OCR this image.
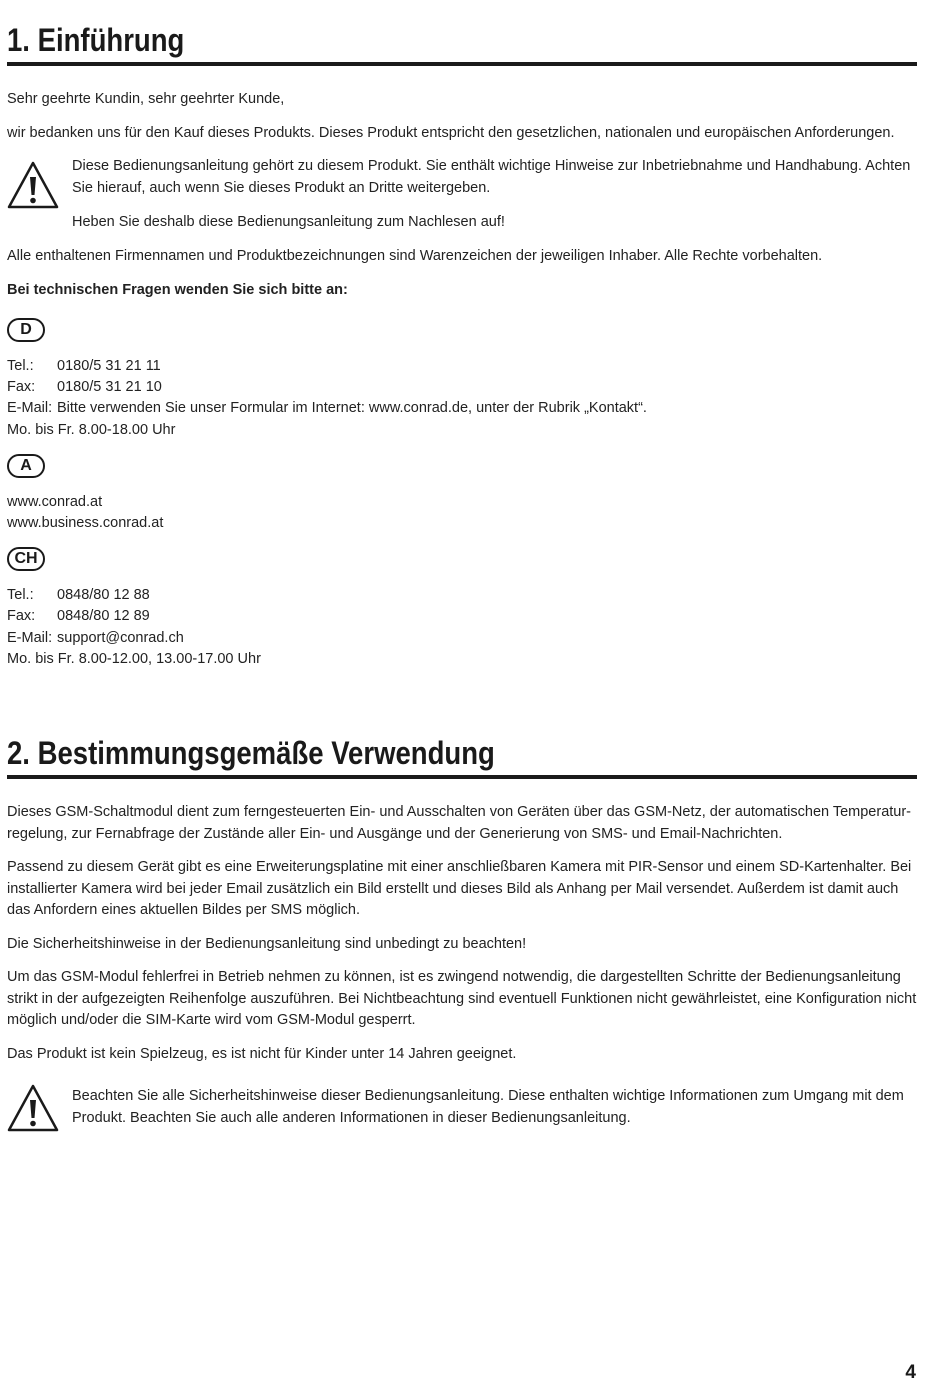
1. Einführung

Sehr geehrte Kundin, sehr geehrter Kunde,

wir bedanken uns für den Kauf dieses Produkts. Dieses Produkt entspricht den gesetzlichen, nationalen und europäischen Anforderungen.

Diese Bedienungsanleitung gehört zu diesem Produkt. Sie enthält wichtige Hinweise zur Inbetriebnahme und Handhabung. Achten Sie hierauf, auch wenn Sie dieses Produkt an Dritte weitergeben.

Heben Sie deshalb diese Bedienungsanleitung zum Nachlesen auf!

Alle enthaltenen Firmennamen und Produktbezeichnungen sind Warenzeichen der jeweiligen Inhaber. Alle Rechte vorbehalten.

Bei technischen Fragen wenden Sie sich bitte an:

D
Tel.: 0180/5 31 21 11
Fax: 0180/5 31 21 10
E-Mail: Bitte verwenden Sie unser Formular im Internet: www.conrad.de, unter der Rubrik „Kontakt“.
Mo. bis Fr. 8.00-18.00 Uhr
A
www.conrad.at
www.business.conrad.at
CH
Tel.: 0848/80 12 88
Fax: 0848/80 12 89
E-Mail: support@conrad.ch
Mo. bis Fr. 8.00-12.00, 13.00-17.00 Uhr
2. Bestimmungsgemäße Verwendung

Dieses GSM-Schaltmodul dient zum ferngesteuerten Ein- und Ausschalten von Geräten über das GSM-Netz, der automatischen Temperatur-regelung, zur Fernabfrage der Zustände aller Ein- und Ausgänge und der Generierung von SMS- und Email-Nachrichten.

Passend zu diesem Gerät gibt es eine Erweiterungsplatine mit einer anschließbaren Kamera mit PIR-Sensor und einem SD-Kartenhalter. Bei installierter Kamera wird bei jeder Email zusätzlich ein Bild erstellt und dieses Bild als Anhang per Mail versendet. Außerdem ist damit auch das Anfordern eines aktuellen Bildes per SMS möglich.

Die Sicherheitshinweise in der Bedienungsanleitung sind unbedingt zu beachten!

Um das GSM-Modul fehlerfrei in Betrieb nehmen zu können, ist es zwingend notwendig, die dargestellten Schritte der Bedienungsanleitung strikt in der aufgezeigten Reihenfolge auszuführen. Bei Nichtbeachtung sind eventuell Funktionen nicht gewährleistet, eine Konfiguration nicht möglich und/oder die SIM-Karte wird vom GSM-Modul gesperrt.

Das Produkt ist kein Spielzeug, es ist nicht für Kinder unter 14 Jahren geeignet.

Beachten Sie alle Sicherheitshinweise dieser Bedienungsanleitung. Diese enthalten wichtige Informationen zum Umgang mit dem Produkt. Beachten Sie auch alle anderen Informationen in dieser Bedienungsanleitung.

4
